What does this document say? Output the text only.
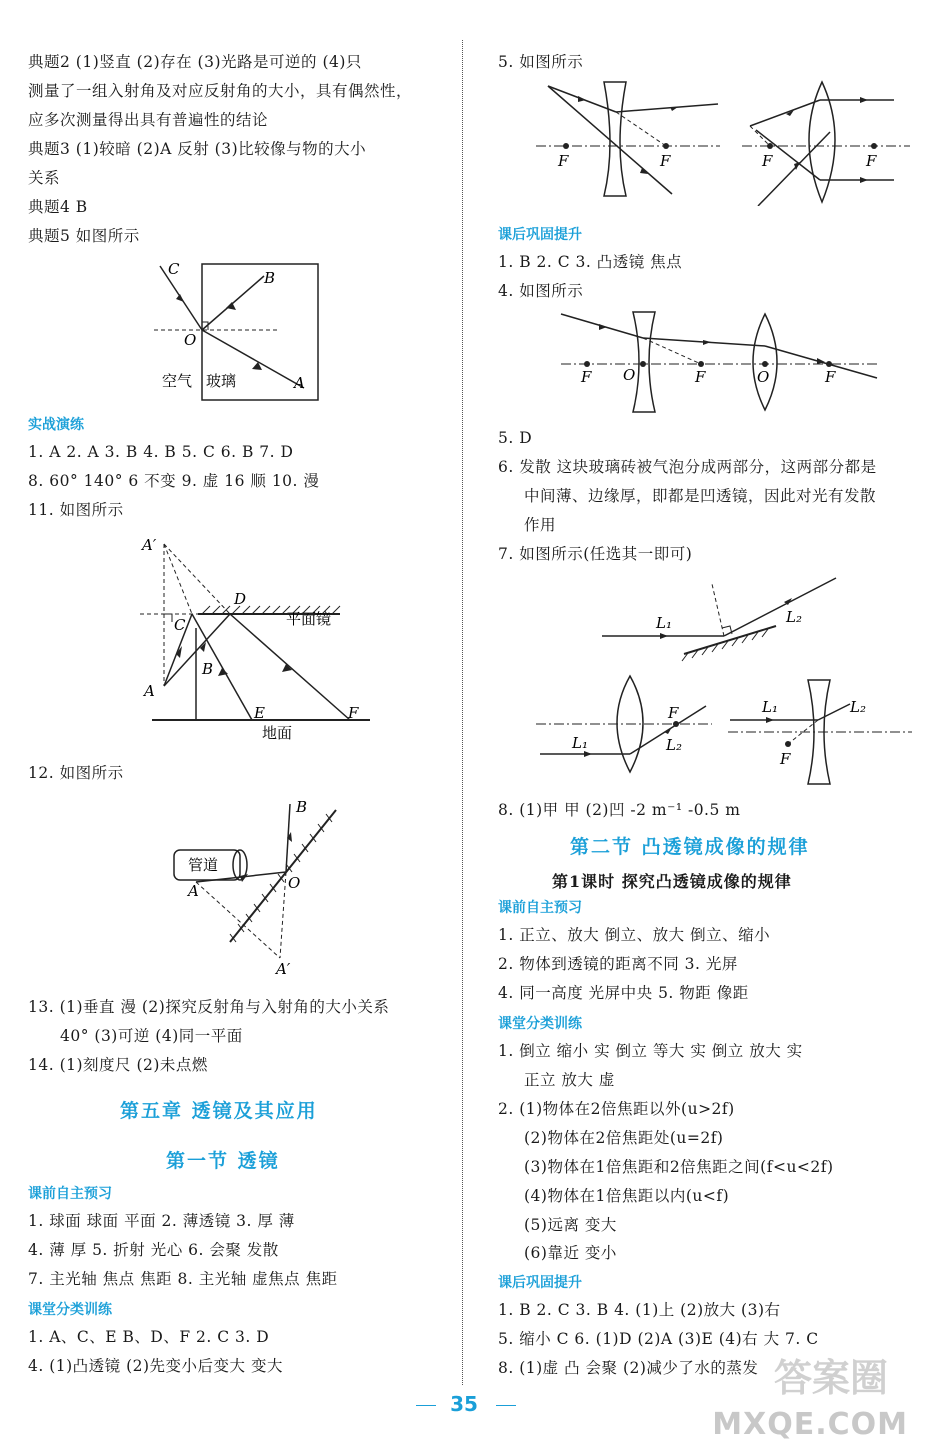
典题2 (1)竖直 (2)存在 (3)光路是可逆的 (4)只
测量了一组入射角及对应反射角的大小，具有偶然性，
应多次测量得出具有普遍性的结论
典题3 (1)较暗 (2)A 反射 (3)比较像与物的大小
关系
典题4 B
典题5 如图所示
C	B
O
A
空气 玻璃
实战演练
1. A 2. A 3. B 4. B 5. C 6. B 7. D
8. 60° 140° 6 不变 9. 虚 16 顺 10. 漫
11. 如图所示
A′
D
C	平面镜
B
A
E	F
地面
12. 如图所示
B
管道
A	O
A′
13. (1)垂直 漫 (2)探究反射角与入射角的大小关系
40° (3)可逆 (4)同一平面
14. (1)刻度尺 (2)未点燃
第五章 透镜及其应用
第一节 透镜
课前自主预习
1. 球面 球面 平面 2. 薄透镜 3. 厚 薄
4. 薄 厚 5. 折射 光心 6. 会聚 发散
7. 主光轴 焦点 焦距 8. 主光轴 虚焦点 焦距
课堂分类训练
1. A、C、E B、D、F 2. C 3. D
4. (1)凸透镜 (2)先变小后变大 变大
5. 如图所示
F	F	F	F
课后巩固提升
1. B 2. C 3. 凸透镜 焦点
4. 如图所示
F O	F	O	F
5. D
6. 发散 这块玻璃砖被气泡分成两部分，这两部分都是
中间薄、边缘厚，即都是凹透镜，因此对光有发散
作用
7. 如图所示(任选其一即可)
L₁	L₂
L₁
F
L₂
L₁	L₂
F
8. (1)甲 甲 (2)凹 -2 m⁻¹ -0.5 m
第二节 凸透镜成像的规律
第1课时 探究凸透镜成像的规律
课前自主预习
1. 正立、放大 倒立、放大 倒立、缩小
2. 物体到透镜的距离不同 3. 光屏
4. 同一高度 光屏中央 5. 物距 像距
课堂分类训练
1. 倒立 缩小 实 倒立 等大 实 倒立 放大 实
正立 放大 虚
2. (1)物体在2倍焦距以外(u>2f)
(2)物体在2倍焦距处(u=2f)
(3)物体在1倍焦距和2倍焦距之间(f<u<2f)
(4)物体在1倍焦距以内(u<f)
(5)远离 变大
(6)靠近 变小
课后巩固提升
1. B 2. C 3. B 4. (1)上 (2)放大 (3)右
5. 缩小 C 6. (1)D (2)A (3)E (4)右 大 7. C
8. (1)虚 凸 会聚 (2)减少了水的蒸发
35
答案圈
MXQE.COM
